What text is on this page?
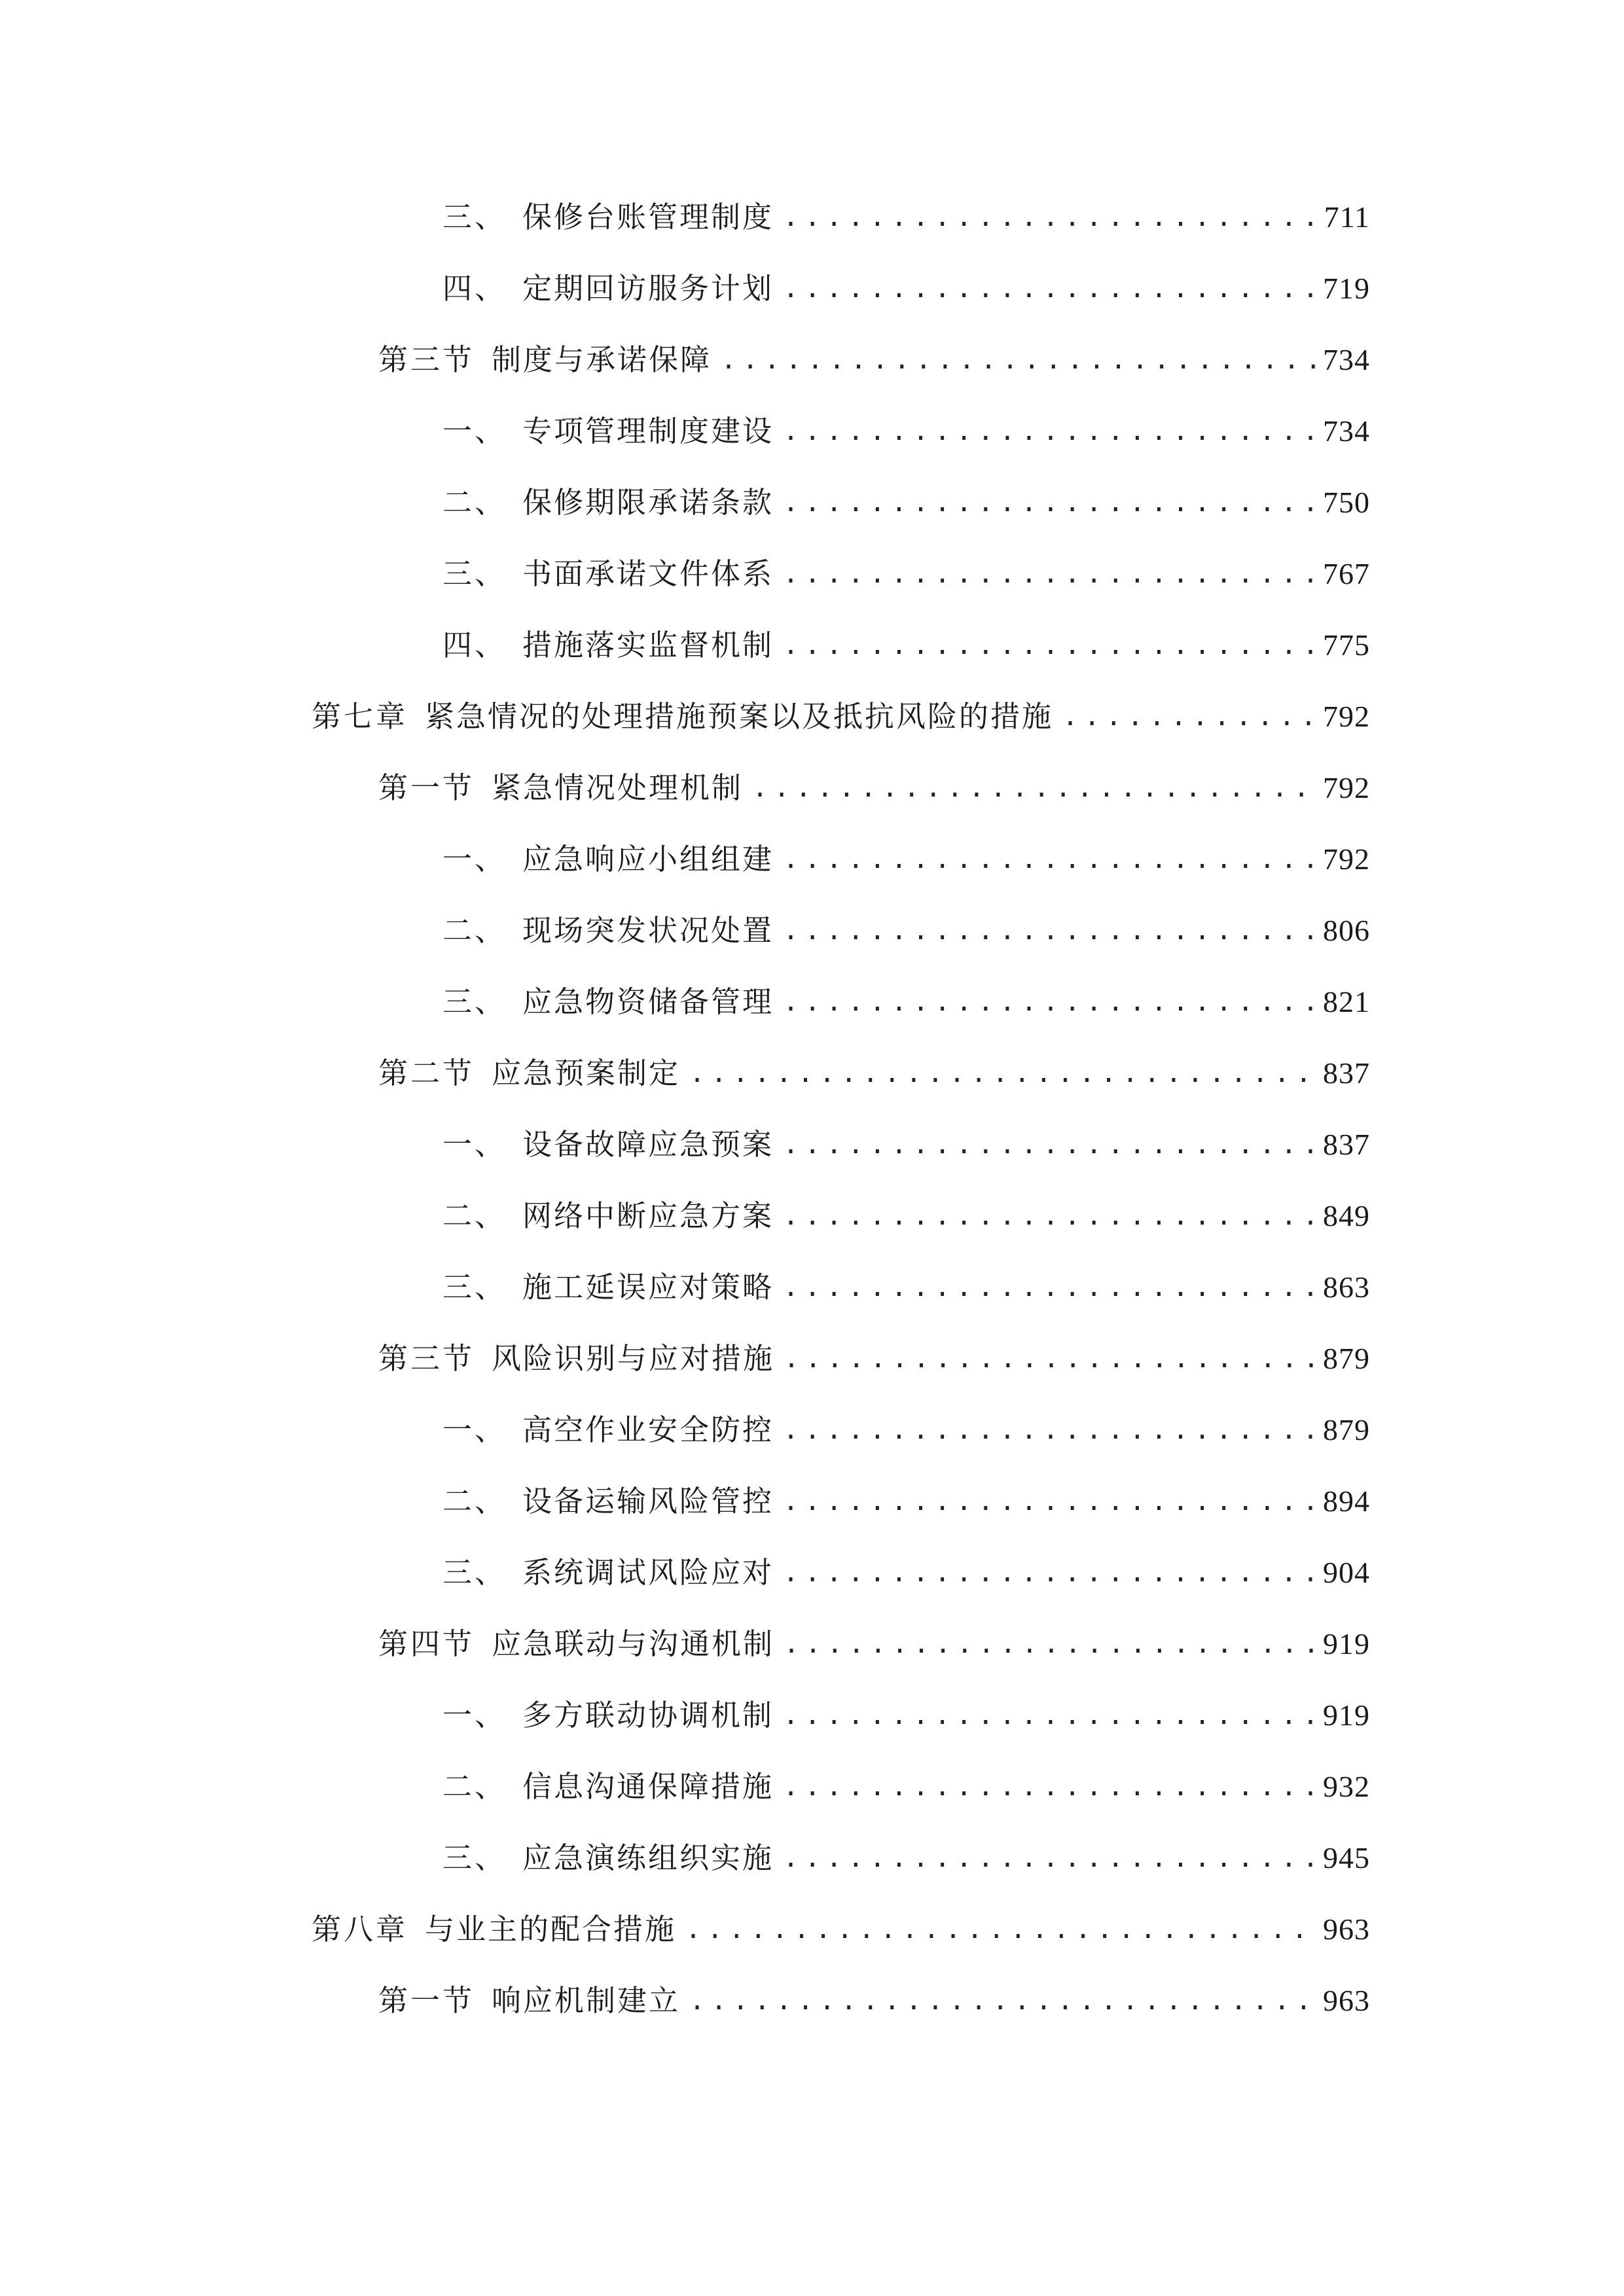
三、 保修台账管理制度 .....	711
四、 定期回访服务计划 .....	719
第三节 制度与承诺保障 .....	734
一、 专项管理制度建设 .....	734
二、 保修期限承诺条款 .....	750
三、 书面承诺文件体系 .....	767
四、 措施落实监督机制 .....	775
第七章 紧急情况的处理措施预案以及抵抗风险的措施 .....	792
第一节 紧急情况处理机制 .....	792
一、 应急响应小组组建 .....	792
二、 现场突发状况处置 .....	806
三、 应急物资储备管理 .....	821
第二节 应急预案制定 .....	837
一、 设备故障应急预案 .....	837
二、 网络中断应急方案 .....	849
三、 施工延误应对策略 .....	863
第三节 风险识别与应对措施 .....	879
一、 高空作业安全防控 .....	879
二、 设备运输风险管控 .....	894
三、 系统调试风险应对 .....	904
第四节 应急联动与沟通机制 .....	919
一、 多方联动协调机制 .....	919
二、 信息沟通保障措施 .....	932
三、 应急演练组织实施 .....	945
第八章 与业主的配合措施 .....	963
第一节 响应机制建立 .....	963
